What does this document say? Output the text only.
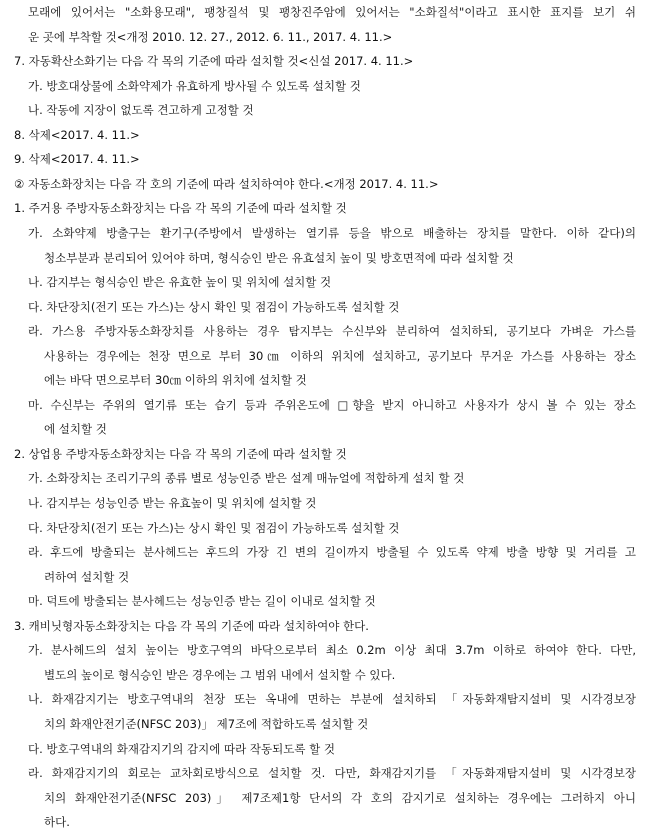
모래에 있어서는 "소화용모래", 팽창질석 및 팽창진주암에 있어서는 "소화질석"이라고 표시한 표지를 보기 쉬
운 곳에 부착할 것<개정 2010. 12. 27., 2012. 6. 11., 2017. 4. 11.>
7. 자동확산소화기는 다음 각 목의 기준에 따라 설치할 것<신설 2017. 4. 11.>
가. 방호대상물에 소화약제가 유효하게 방사될 수 있도록 설치할 것
나. 작동에 지장이 없도록 견고하게 고정할 것
8. 삭제<2017. 4. 11.>
9. 삭제<2017. 4. 11.>
② 자동소화장치는 다음 각 호의 기준에 따라 설치하여야 한다.<개정 2017. 4. 11.>
1. 주거용 주방자동소화장치는 다음 각 목의 기준에 따라 설치할 것
가. 소화약제 방출구는 환기구(주방에서 발생하는 열기류 등을 밖으로 배출하는 장치를 말한다. 이하 같다)의
청소부분과 분리되어 있어야 하며, 형식승인 받은 유효설치 높이 및 방호면적에 따라 설치할 것
나. 감지부는 형식승인 받은 유효한 높이 및 위치에 설치할 것
다. 차단장치(전기 또는 가스)는 상시 확인 및 점검이 가능하도록 설치할 것
라. 가스용 주방자동소화장치를 사용하는 경우 탐지부는 수신부와 분리하여 설치하되, 공기보다 가벼운 가스를
사용하는 경우에는 천장 면으로 부터 30㎝ 이하의 위치에 설치하고, 공기보다 무거운 가스를 사용하는 장소
에는 바닥 면으로부터 30㎝ 이하의 위치에 설치할 것
마. 수신부는 주위의 열기류 또는 습기 등과 주위온도에 □향을 받지 아니하고 사용자가 상시 볼 수 있는 장소
에 설치할 것
2. 상업용 주방자동소화장치는 다음 각 목의 기준에 따라 설치할 것
가. 소화장치는 조리기구의 종류 별로 성능인증 받은 설계 매뉴얼에 적합하게 설치 할 것
나. 감지부는 성능인증 받는 유효높이 및 위치에 설치할 것
다. 차단장치(전기 또는 가스)는 상시 확인 및 점검이 가능하도록 설치할 것
라. 후드에 방출되는 분사헤드는 후드의 가장 긴 변의 길이까지 방출될 수 있도록 약제 방출 방향 및 거리를 고
려하여 설치할 것
마. 덕트에 방출되는 분사헤드는 성능인증 받는 길이 이내로 설치할 것
3. 캐비닛형자동소화장치는 다음 각 목의 기준에 따라 설치하여야 한다.
가. 분사헤드의 설치 높이는 방호구역의 바닥으로부터 최소 0.2m 이상 최대 3.7m 이하로 하여야 한다. 다만,
별도의 높이로 형식승인 받은 경우에는 그 범위 내에서 설치할 수 있다.
나. 화재감지기는 방호구역내의 천장 또는 옥내에 면하는 부분에 설치하되 「자동화재탐지설비 및 시각경보장
치의 화재안전기준(NFSC 203)」 제7조에 적합하도록 설치할 것
다. 방호구역내의 화재감지기의 감지에 따라 작동되도록 할 것
라. 화재감지기의 회로는 교차회로방식으로 설치할 것. 다만, 화재감지기를 「자동화재탐지설비 및 시각경보장
치의 화재안전기준(NFSC 203)」 제7조제1항 단서의 각 호의 감지기로 설치하는 경우에는 그러하지 아니
하다.
